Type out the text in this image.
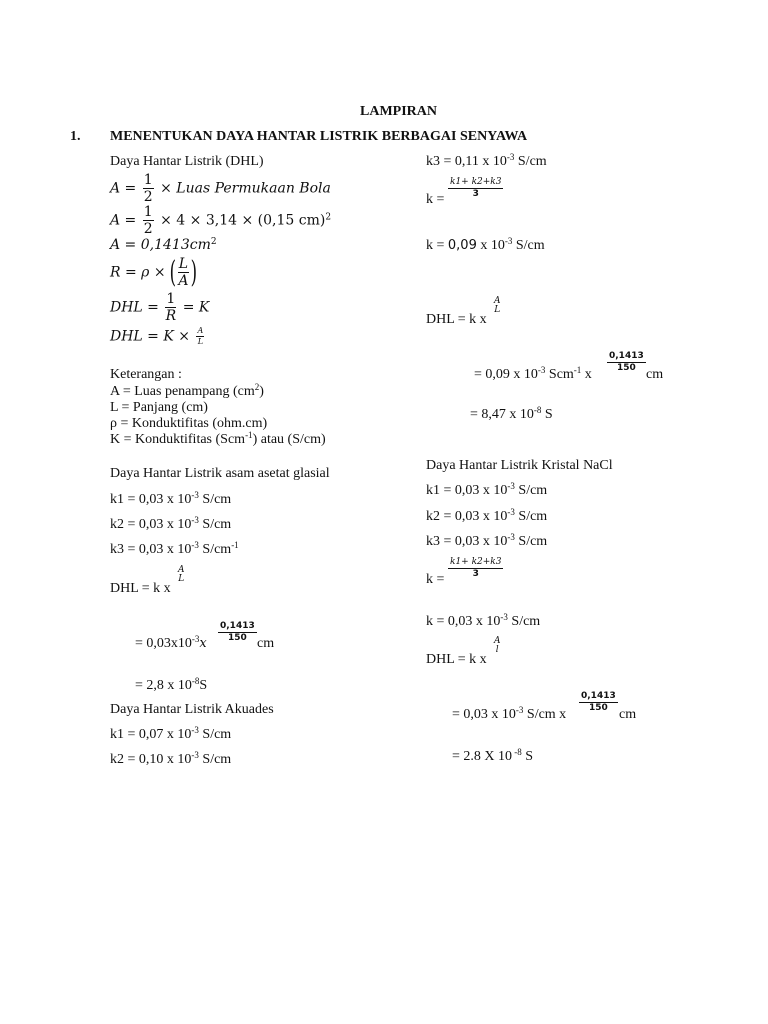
LAMPIRAN
1. MENENTUKAN DAYA HANTAR LISTRIK BERBAGAI SENYAWA
Daya Hantar Listrik (DHL)
$A = \frac{1}{2}$ × Luas Permukaan Bola
$A = \frac{1}{2} \times 4 \times 3,14 \times (0,15$ cm)$^2$
$A = 0,1413cm^2$
R = ρ × ( $\frac{L}{A}$ )
DHL = $\frac{1}{R} = K$
DHL = $K \times \frac{A}{L}$
Keterangan :
A = Luas penampang $(cm^2)$
L = Panjang (cm)
ρ = Konduktifitas (ohm.cm)
K = Konduktifitas (Scm$^{-1}$) atau (S/cm)
Daya Hantar Listrik asam asetat glasial
k1 = 0,03 x $10^{-3}$ S/cm
k2 = 0,03 x $10^{-3}$ S/cm
k3 = 0,03 x $10^{-3}$ $S/cm^{-1}$
DHL = k x
A
L
= $0,03x10^{-3}x$
$\frac{0,1413}{150}$
cm
= 2,8 x $10^{-8}S$
Daya Hantar Listrik Akuades
k1 = 0,07 x $10^{-3}$ S/cm
k2 = 0,10 x $10^{-3}$ S/cm
k3 = 0,11 x $10^{-3}$ S/cm
k =
$\frac{k1+ k2+k3}{3}$
k = 0,09 x $10^{-3}$ S/cm
DHL = k x
A
L
= 0,09 x $10^{-3}$ Scm$^{-1}$ x
$\frac{0,1413}{150}$
cm
= 8,47 x $10^{-8}$ S
Daya Hantar Listrik Kristal NaCl
k1 = 0,03 x $10^{-3}$ S/cm
k2 = 0,03 x $10^{-3}$ S/cm
k3 = 0,03 x $10^{-3}$ S/cm
k =
$\frac{k1+ k2+k3}{3}$
k = 0,03 x $10^{-3}$ S/cm
DHL = k x
A
l
= 0,03 x $10^{-3}$ S/cm x
$\frac{0,1413}{150}$
cm
= 2.8 X 10 $^{-8}$ S
